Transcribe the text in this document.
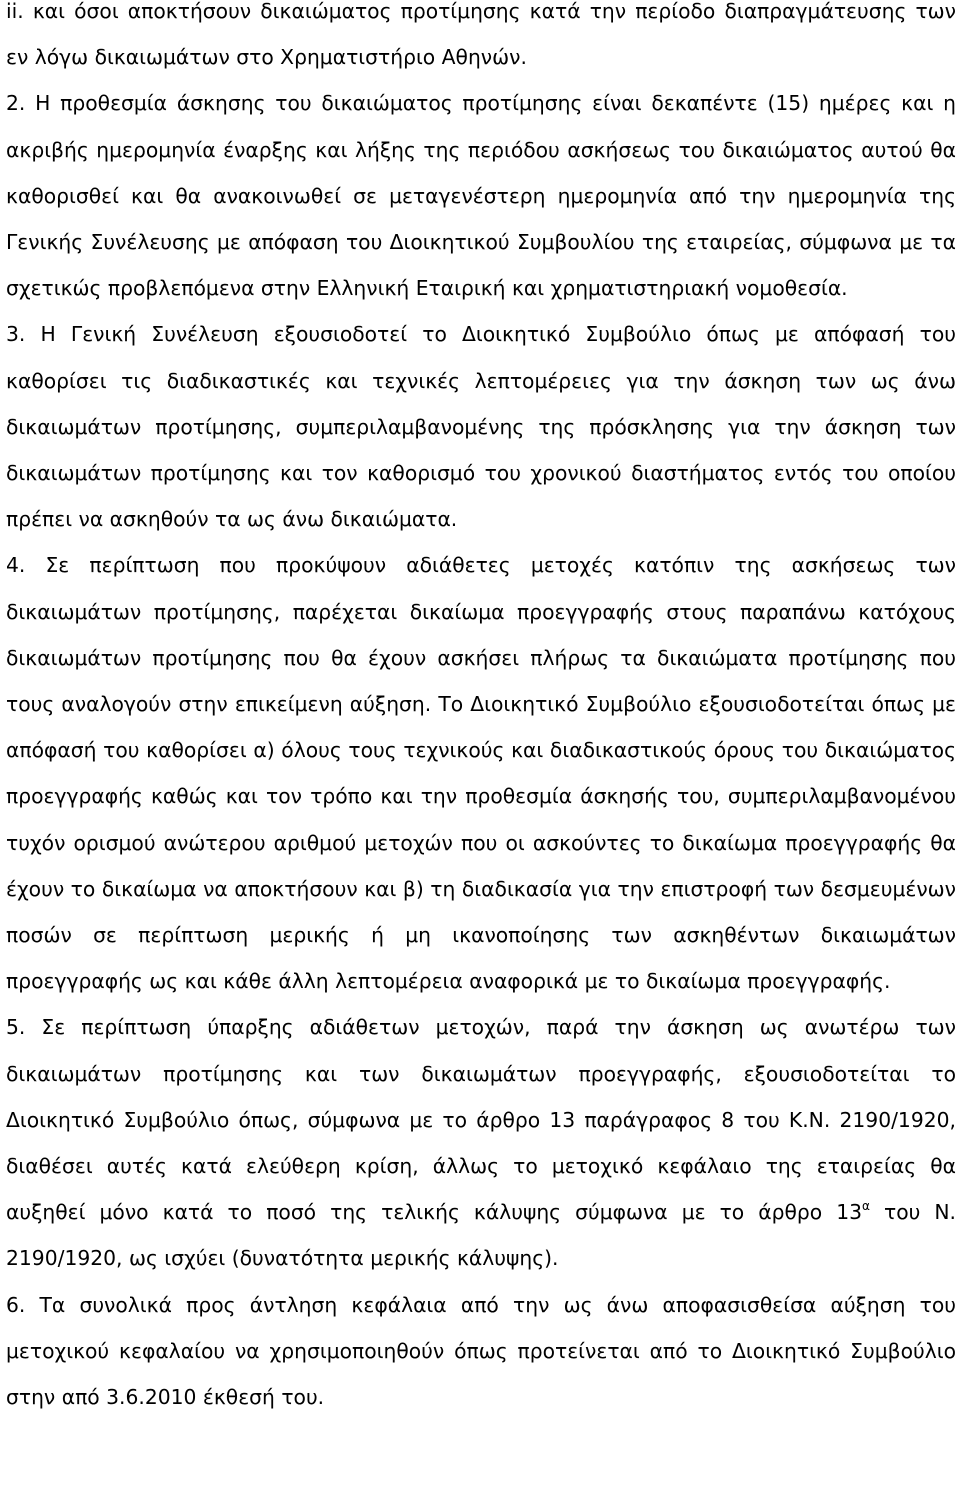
ii. και όσοι αποκτήσουν δικαιώματος προτίμησης κατά την περίοδο διαπραγμάτευσης των εν λόγω δικαιωμάτων στο Χρηματιστήριο Αθηνών.

2. Η προθεσμία άσκησης του δικαιώματος προτίμησης είναι δεκαπέντε (15) ημέρες και η ακριβής ημερομηνία έναρξης και λήξης της περιόδου ασκήσεως του δικαιώματος αυτού θα καθορισθεί και θα ανακοινωθεί σε μεταγενέστερη ημερομηνία από την ημερομηνία της Γενικής Συνέλευσης με απόφαση του Διοικητικού Συμβουλίου της εταιρείας, σύμφωνα με τα σχετικώς προβλεπόμενα στην Ελληνική Εταιρική και χρηματιστηριακή νομοθεσία.

3. Η Γενική Συνέλευση εξουσιοδοτεί το Διοικητικό Συμβούλιο όπως με απόφασή του καθορίσει τις διαδικαστικές και τεχνικές λεπτομέρειες για την άσκηση των ως άνω δικαιωμάτων προτίμησης, συμπεριλαμβανομένης της πρόσκλησης για την άσκηση των δικαιωμάτων προτίμησης και τον καθορισμό του χρονικού διαστήματος εντός του οποίου πρέπει να ασκηθούν τα ως άνω δικαιώματα.

4. Σε περίπτωση που προκύψουν αδιάθετες μετοχές κατόπιν της ασκήσεως των δικαιωμάτων προτίμησης, παρέχεται δικαίωμα προεγγραφής στους παραπάνω κατόχους δικαιωμάτων προτίμησης που θα έχουν ασκήσει πλήρως τα δικαιώματα προτίμησης που τους αναλογούν στην επικείμενη αύξηση. Το Διοικητικό Συμβούλιο εξουσιοδοτείται όπως με απόφασή του καθορίσει α) όλους τους τεχνικούς και διαδικαστικούς όρους του δικαιώματος προεγγραφής καθώς και τον τρόπο και την προθεσμία άσκησής του, συμπεριλαμβανομένου τυχόν ορισμού ανώτερου αριθμού μετοχών που οι ασκούντες το δικαίωμα προεγγραφής θα έχουν το δικαίωμα να αποκτήσουν και β) τη διαδικασία για την επιστροφή των δεσμευμένων ποσών σε περίπτωση μερικής ή μη ικανοποίησης των ασκηθέντων δικαιωμάτων προεγγραφής ως και κάθε άλλη λεπτομέρεια αναφορικά με το δικαίωμα προεγγραφής.

5. Σε περίπτωση ύπαρξης αδιάθετων μετοχών, παρά την άσκηση ως ανωτέρω των δικαιωμάτων προτίμησης και των δικαιωμάτων προεγγραφής, εξουσιοδοτείται το Διοικητικό Συμβούλιο όπως, σύμφωνα με το άρθρο 13 παράγραφος 8 του Κ.Ν. 2190/1920, διαθέσει αυτές κατά ελεύθερη κρίση, άλλως το μετοχικό κεφάλαιο της εταιρείας θα αυξηθεί μόνο κατά το ποσό της τελικής κάλυψης σύμφωνα με το άρθρο $13^\alpha$ του Ν. 2190/1920, ως ισχύει (δυνατότητα μερικής κάλυψης).

6. Τα συνολικά προς άντληση κεφάλαια από την ως άνω αποφασισθείσα αύξηση του μετοχικού κεφαλαίου να χρησιμοποιηθούν όπως προτείνεται από το Διοικητικό Συμβούλιο στην από 3.6.2010 έκθεσή του.
